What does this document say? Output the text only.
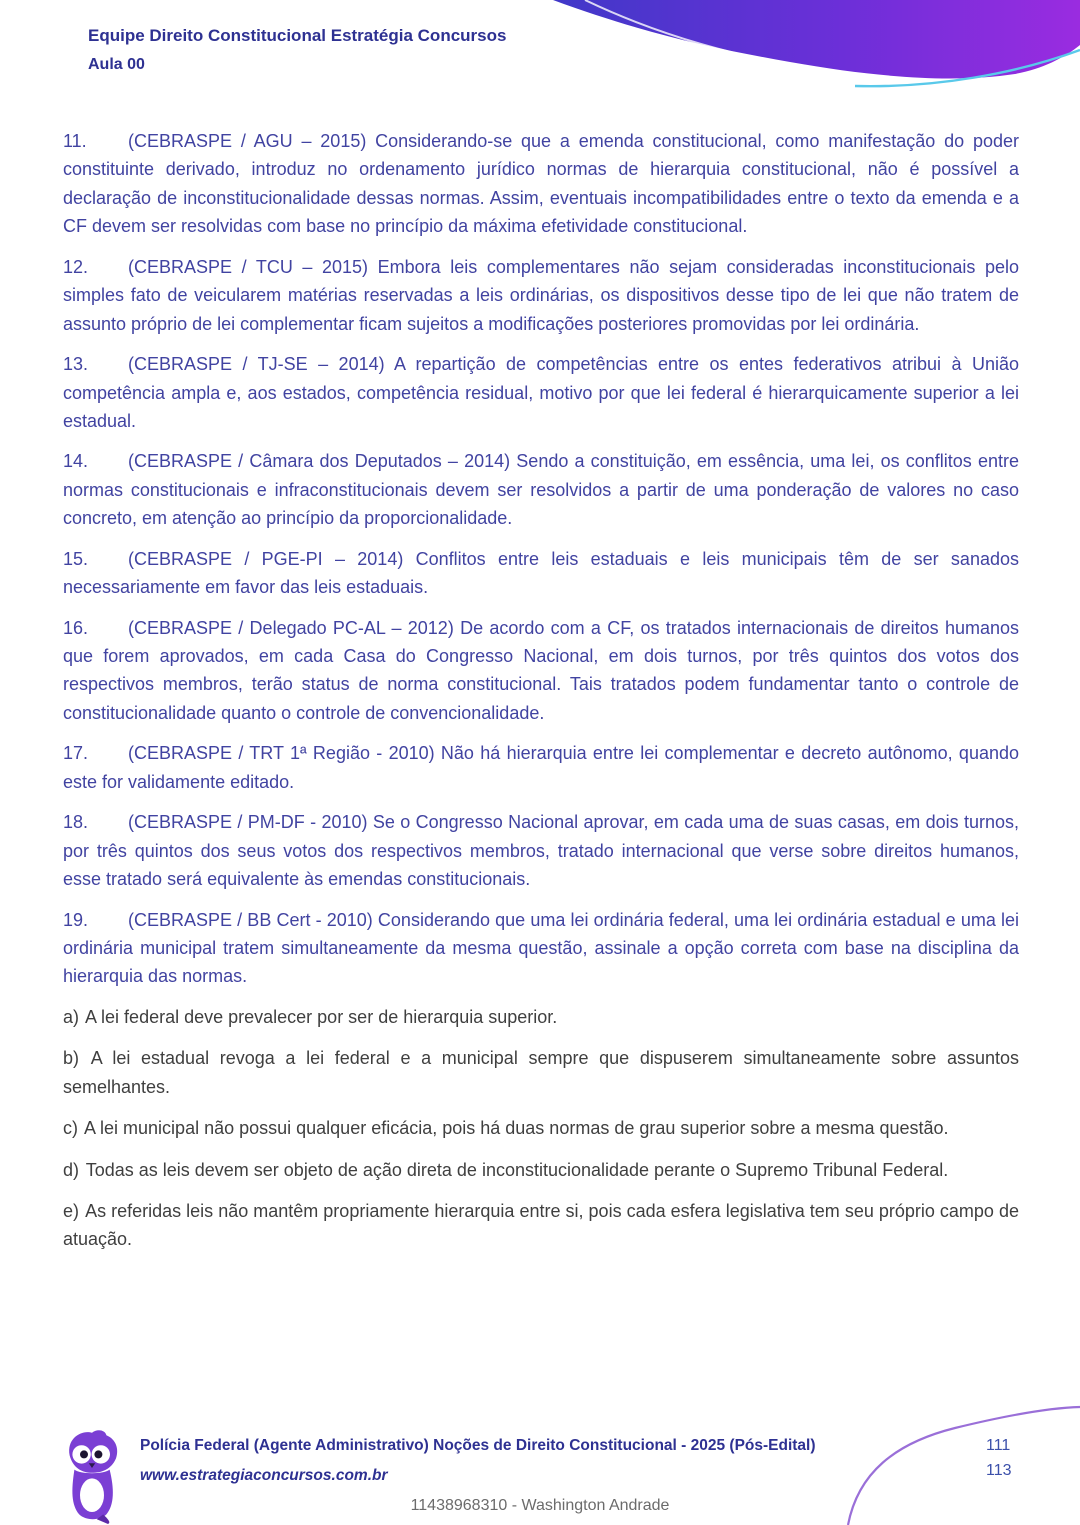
Equipe Direito Constitucional Estratégia Concursos
Aula 00

11. (CEBRASPE / AGU – 2015) Considerando-se que a emenda constitucional, como manifestação do poder constituinte derivado, introduz no ordenamento jurídico normas de hierarquia constitucional, não é possível a declaração de inconstitucionalidade dessas normas. Assim, eventuais incompatibilidades entre o texto da emenda e a CF devem ser resolvidas com base no princípio da máxima efetividade constitucional.

12. (CEBRASPE / TCU – 2015) Embora leis complementares não sejam consideradas inconstitucionais pelo simples fato de veicularem matérias reservadas a leis ordinárias, os dispositivos desse tipo de lei que não tratem de assunto próprio de lei complementar ficam sujeitos a modificações posteriores promovidas por lei ordinária.

13. (CEBRASPE / TJ-SE – 2014) A repartição de competências entre os entes federativos atribui à União competência ampla e, aos estados, competência residual, motivo por que lei federal é hierarquicamente superior a lei estadual.

14. (CEBRASPE / Câmara dos Deputados – 2014) Sendo a constituição, em essência, uma lei, os conflitos entre normas constitucionais e infraconstitucionais devem ser resolvidos a partir de uma ponderação de valores no caso concreto, em atenção ao princípio da proporcionalidade.

15. (CEBRASPE / PGE-PI – 2014) Conflitos entre leis estaduais e leis municipais têm de ser sanados necessariamente em favor das leis estaduais.

16. (CEBRASPE / Delegado PC-AL – 2012) De acordo com a CF, os tratados internacionais de direitos humanos que forem aprovados, em cada Casa do Congresso Nacional, em dois turnos, por três quintos dos votos dos respectivos membros, terão status de norma constitucional. Tais tratados podem fundamentar tanto o controle de constitucionalidade quanto o controle de convencionalidade.

17. (CEBRASPE / TRT 1ª Região - 2010) Não há hierarquia entre lei complementar e decreto autônomo, quando este for validamente editado.

18. (CEBRASPE / PM-DF - 2010) Se o Congresso Nacional aprovar, em cada uma de suas casas, em dois turnos, por três quintos dos seus votos dos respectivos membros, tratado internacional que verse sobre direitos humanos, esse tratado será equivalente às emendas constitucionais.

19. (CEBRASPE / BB Cert - 2010) Considerando que uma lei ordinária federal, uma lei ordinária estadual e uma lei ordinária municipal tratem simultaneamente da mesma questão, assinale a opção correta com base na disciplina da hierarquia das normas.

a) A lei federal deve prevalecer por ser de hierarquia superior.

b) A lei estadual revoga a lei federal e a municipal sempre que dispuserem simultaneamente sobre assuntos semelhantes.

c) A lei municipal não possui qualquer eficácia, pois há duas normas de grau superior sobre a mesma questão.

d) Todas as leis devem ser objeto de ação direta de inconstitucionalidade perante o Supremo Tribunal Federal.

e) As referidas leis não mantêm propriamente hierarquia entre si, pois cada esfera legislativa tem seu próprio campo de atuação.

Polícia Federal (Agente Administrativo) Noções de Direito Constitucional - 2025 (Pós-Edital)
www.estrategiaconcursos.com.br
111
113
11438968310 - Washington Andrade
